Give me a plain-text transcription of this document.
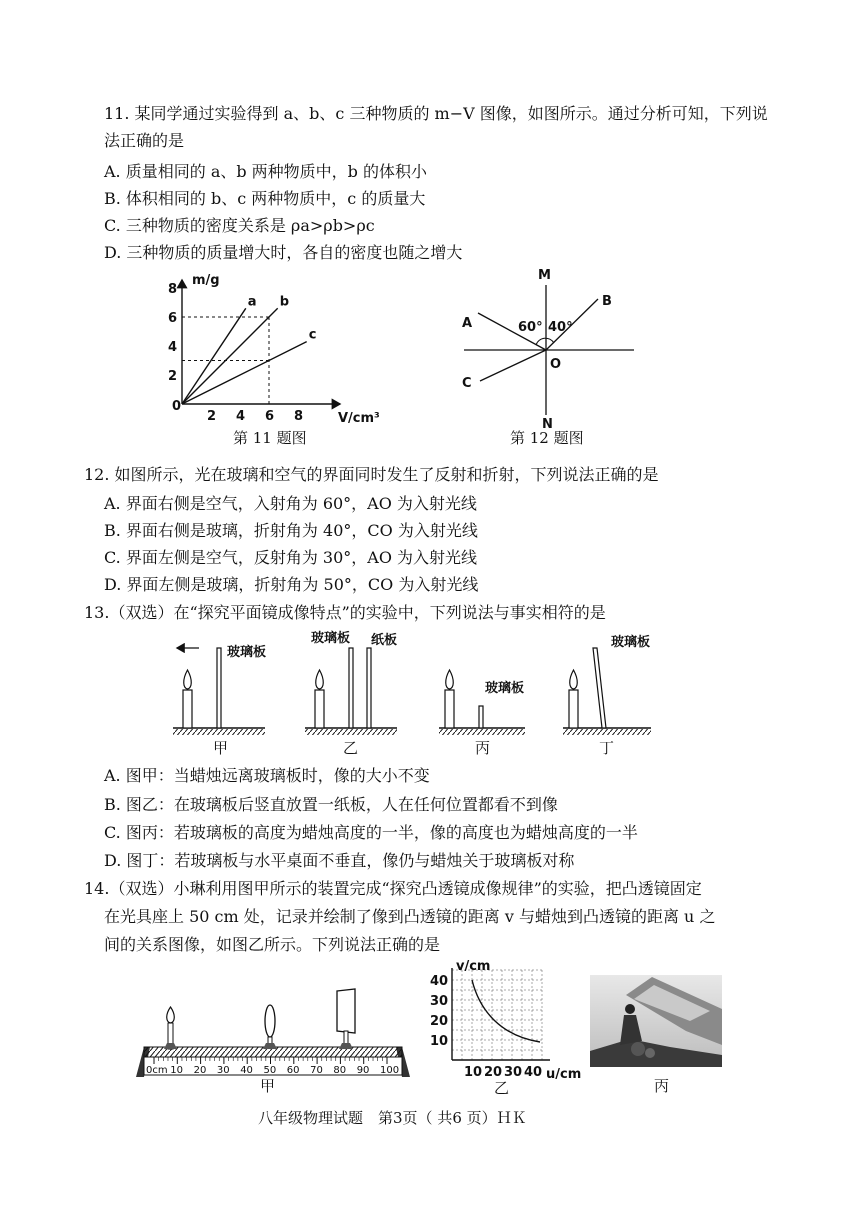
11. 某同学通过实验得到 a、b、c 三种物质的 m−V 图像，如图所示。通过分析可知，下列说
法正确的是
A. 质量相同的 a、b 两种物质中，b 的体积小
B. 体积相同的 b、c 两种物质中，c 的质量大
C. 三种物质的密度关系是 ρa>ρb>ρc
D. 三种物质的质量增大时，各自的密度也随之增大
a b
c
2
4
6
8
2 4 6 8
m/g
V/cm³
0
第 11 题图
M
N
A
B
C
O
60° 40°
第 12 题图
12. 如图所示，光在玻璃和空气的界面同时发生了反射和折射，下列说法正确的是
A. 界面右侧是空气，入射角为 60°，AO 为入射光线
B. 界面右侧是玻璃，折射角为 40°，CO 为入射光线
C. 界面左侧是空气，反射角为 30°，AO 为入射光线
D. 界面左侧是玻璃，折射角为 50°，CO 为入射光线
13.（双选）在“探究平面镜成像特点”的实验中，下列说法与事实相符的是
玻璃板
玻璃板 纸板
玻璃板
玻璃板
甲	乙	丙	丁
A. 图甲：当蜡烛远离玻璃板时，像的大小不变
B. 图乙：在玻璃板后竖直放置一纸板，人在任何位置都看不到像
C. 图丙：若玻璃板的高度为蜡烛高度的一半，像的高度也为蜡烛高度的一半
D. 图丁：若玻璃板与水平桌面不垂直，像仍与蜡烛关于玻璃板对称
14.（双选）小琳利用图甲所示的装置完成“探究凸透镜成像规律”的实验，把凸透镜固定
在光具座上 50 cm 处，记录并绘制了像到凸透镜的距离 v 与蜡烛到凸透镜的距离 u 之
间的关系图像，如图乙所示。下列说法正确的是
0cm 10 20 30 40 50 60 70 80 90 100
甲
10
20
30
40
10 20 30 40
v/cm
u/cm
乙	丙
八年级物理试题　第3页（ 共6 页）ＨＫ
